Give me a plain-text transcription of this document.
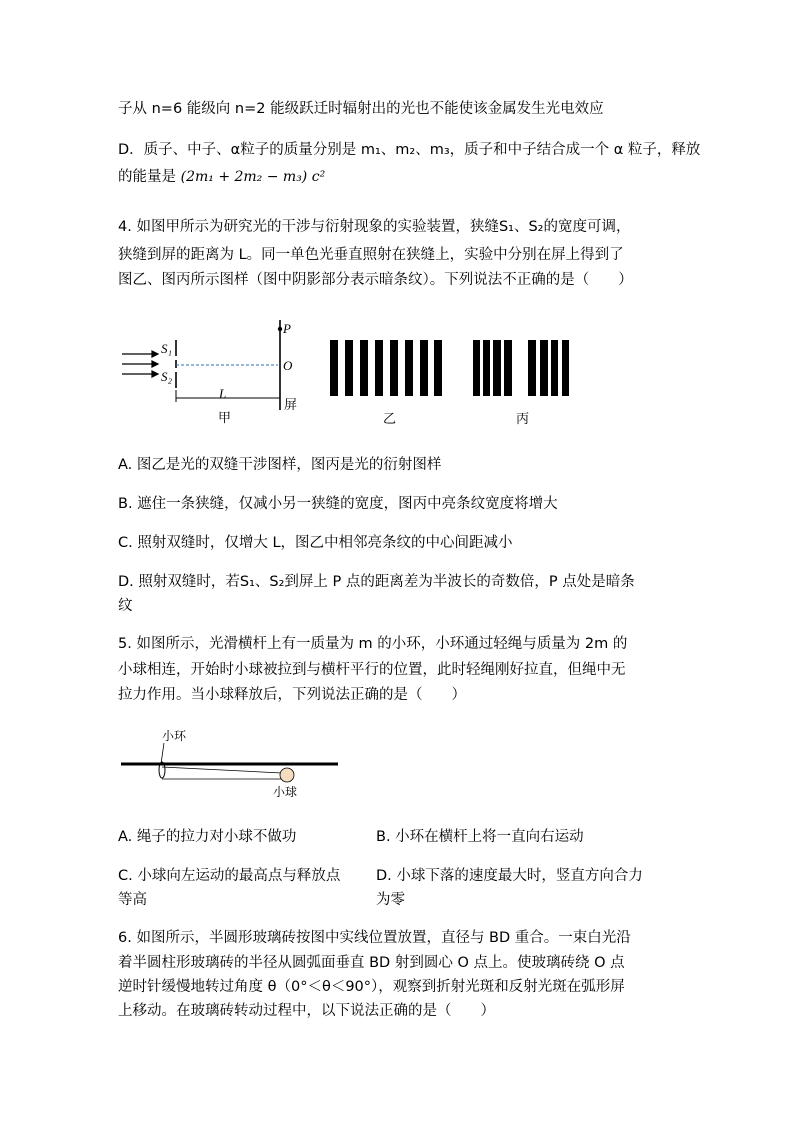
子从 n=6 能级向 n=2 能级跃迁时辐射出的光也不能使该金属发生光电效应
D．质子、中子、α粒子的质量分别是 m₁、m₂、m₃，质子和中子结合成一个 α 粒子，释放
的能量是 (2m₁ + 2m₂ − m₃) c²
4. 如图甲所示为研究光的干涉与衍射现象的实验装置，狭缝S₁、S₂的宽度可调，
狭缝到屏的距离为 L。同一单色光垂直照射在狭缝上，实验中分别在屏上得到了
图乙、图丙所示图样（图中阴影部分表示暗条纹）。下列说法不正确的是（　　）
S₁
S₂
P
O
L
甲
屏
乙	丙
A. 图乙是光的双缝干涉图样，图丙是光的衍射图样
B. 遮住一条狭缝，仅减小另一狭缝的宽度，图丙中亮条纹宽度将增大
C. 照射双缝时，仅增大 L，图乙中相邻亮条纹的中心间距减小
D. 照射双缝时，若S₁、S₂到屏上 P 点的距离差为半波长的奇数倍，P 点处是暗条
纹
5. 如图所示，光滑横杆上有一质量为 m 的小环，小环通过轻绳与质量为 2m 的
小球相连，开始时小球被拉到与横杆平行的位置，此时轻绳刚好拉直，但绳中无
拉力作用。当小球释放后，下列说法正确的是（　　）
小环
小球
A. 绳子的拉力对小球不做功	B. 小环在横杆上将一直向右运动
C. 小球向左运动的最高点与释放点
等高
D. 小球下落的速度最大时，竖直方向合力
为零
6. 如图所示，半圆形玻璃砖按图中实线位置放置，直径与 BD 重合。一束白光沿
着半圆柱形玻璃砖的半径从圆弧面垂直 BD 射到圆心 O 点上。使玻璃砖绕 O 点
逆时针缓慢地转过角度 θ（0°＜θ＜90°），观察到折射光斑和反射光斑在弧形屏
上移动。在玻璃砖转动过程中，以下说法正确的是（　　）
